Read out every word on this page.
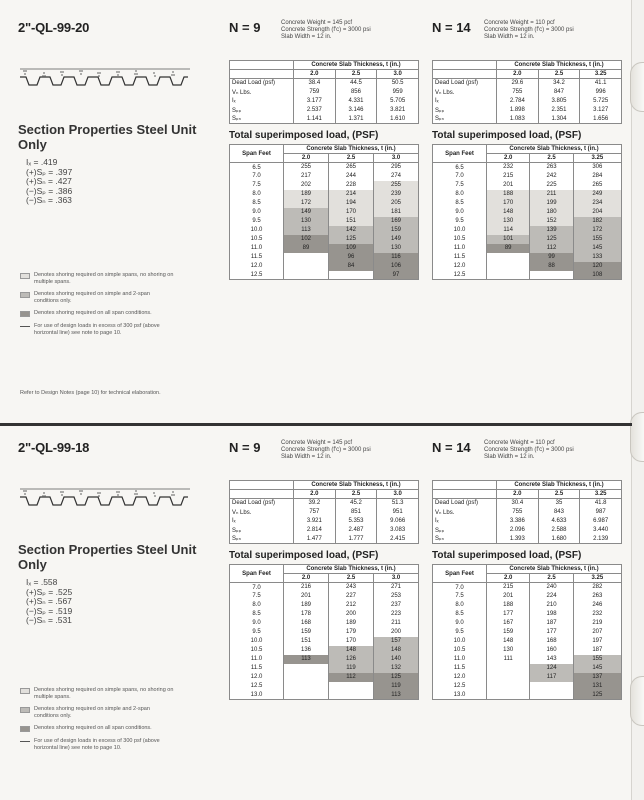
2"-QL-99-20
Section Properties Steel Unit Only
Iₓ = .419
(+)Sₚ = .397
(+)Sₙ = .427
(−)Sₚ = .386
(−)Sₙ = .363
Denotes shoring required on simple spans, no shoring on multiple spans.
Denotes shoring required on simple and 2-span conditions only.
Denotes shoring required on all span conditions.
For use of design loads in excess of 300 psf (above horizontal line) see note to page 10.
Refer to Design Notes (page 10) for technical elaboration.
N = 9	Concrete Weight = 145 pcf
Concrete Strength (f′c) = 3000 psi
Slab Width = 12 in.
	Concrete Slab Thickness, t (in.)		
	2.0	2.5	3.0
Dead Load (psf)	38.4	44.5	50.5
Vₙ Lbs.	759	856	959
Iₓ	3.177	4.331	5.705
Sₚₚ	2.537	3.146	3.821
Sₚₙ	1.141	1.371	1.610
Total superimposed load, (PSF)
Span Feet	Concrete Slab Thickness, t (in.)		
	2.0	2.5	3.0
6.5	255	265	295
7.0	217	244	274
7.5	202	228	255
8.0	189	214	239
8.5	172	194	205
9.0	149	170	181
9.5	130	151	169
10.0	113	142	159
10.5	102	125	149
11.0	89	109	130
11.5		96	116
12.0		84	106
12.5			97
N = 14	Concrete Weight = 110 pcf
Concrete Strength (f′c) = 3000 psi
Slab Width = 12 in.
	Concrete Slab Thickness, t (in.)		
	2.0	2.5	3.25
Dead Load (psf)	29.6	34.2	41.1
Vₙ Lbs.	755	847	996
Iₓ	2.784	3.805	5.725
Sₚₚ	1.898	2.351	3.127
Sₚₙ	1.083	1.304	1.656
Total superimposed load, (PSF)
Span Feet	Concrete Slab Thickness, t (in.)		
	2.0	2.5	3.25
6.5	232	263	306
7.0	215	242	284
7.5	201	225	265
8.0	188	211	249
8.5	170	199	234
9.0	148	180	204
9.5	130	152	182
10.0	114	139	172
10.5	101	125	155
11.0	89	112	145
11.5		99	133
12.0		88	120
12.5			108
2"-QL-99-18
Section Properties Steel Unit Only
Iₓ = .558
(+)Sₚ = .525
(+)Sₙ = .567
(−)Sₚ = .519
(−)Sₙ = .531
Denotes shoring required on simple spans, no shoring on multiple spans.
Denotes shoring required on simple and 2-span conditions only.
Denotes shoring required on all span conditions.
For use of design loads in excess of 300 psf (above horizontal line) see note to page 10.
N = 9	Concrete Weight = 145 pcf
Concrete Strength (f′c) = 3000 psi
Slab Width = 12 in.
	Concrete Slab Thickness, t (in.)		
	2.0	2.5	3.0
Dead Load (psf)	39.2	45.2	51.3
Vₙ Lbs.	757	851	951
Iₓ	3.921	5.353	9.066
Sₚₚ	2.814	2.487	3.083
Sₚₙ	1.477	1.777	2.415
Total superimposed load, (PSF)
Span Feet	Concrete Slab Thickness, t (in.)		
	2.0	2.5	3.0
7.0	216	243	271
7.5	201	227	253
8.0	189	212	237
8.5	178	200	223
9.0	168	189	211
9.5	159	179	200
10.0	151	170	157
10.5	136	148	148
11.0	113	126	140
11.5		119	132
12.0		112	125
12.5			119
13.0			113
N = 14	Concrete Weight = 110 pcf
Concrete Strength (f′c) = 3000 psi
Slab Width = 12 in.
	Concrete Slab Thickness, t (in.)		
	2.0	2.5	3.25
Dead Load (psf)	30.4	35	41.8
Vₙ Lbs.	755	843	987
Iₓ	3.386	4.633	6.987
Sₚₚ	2.096	2.588	3.440
Sₚₙ	1.393	1.680	2.139
Total superimposed load, (PSF)
Span Feet	Concrete Slab Thickness, t (in.)		
	2.0	2.5	3.25
7.0	215	240	282
7.5	201	224	263
8.0	188	210	246
8.5	177	198	232
9.0	167	187	219
9.5	159	177	207
10.0	148	168	197
10.5	130	160	187
11.0	111	143	155
11.5		124	145
12.0		117	137
12.5			131
13.0			125
